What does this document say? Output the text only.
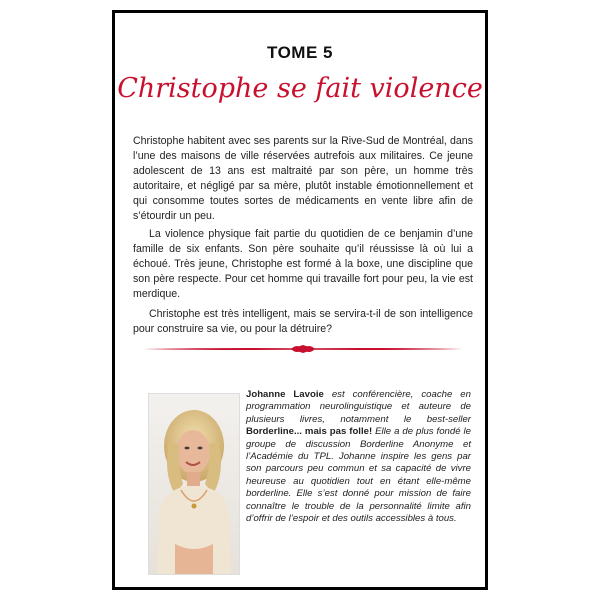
TOME 5
Christophe se fait violence

Christophe habitent avec ses parents sur la Rive-Sud de Montréal, dans l’une des maisons de ville réservées autrefois aux militaires. Ce jeune adolescent de 13 ans est maltraité par son père, un homme très autoritaire, et négligé par sa mère, plutôt instable émotionnellement et qui consomme toutes sortes de médicaments en vente libre afin de s’étourdir un peu.

La violence physique fait partie du quotidien de ce benjamin d’une famille de six enfants. Son père souhaite qu’il réussisse là où lui a échoué. Très jeune, Christophe est formé à la boxe, une discipline que son père respecte. Pour cet homme qui travaille fort pour peu, la vie est merdique.

Christophe est très intelligent, mais se servira-t-il de son intelligence pour construire sa vie, ou pour la détruire?

Johanne Lavoie est conférencière, coache en programmation neurolinguistique et auteure de plusieurs livres, notamment le best-seller Borderline... mais pas folle! Elle a de plus fondé le groupe de discussion Borderline Anonyme et l’Académie du TPL. Johanne inspire les gens par son parcours peu commun et sa capacité de vivre heureuse au quotidien tout en étant elle-même borderline. Elle s’est donné pour mission de faire connaître le trouble de la personnalité limite afin d’offrir de l’espoir et des outils accessibles à tous.
